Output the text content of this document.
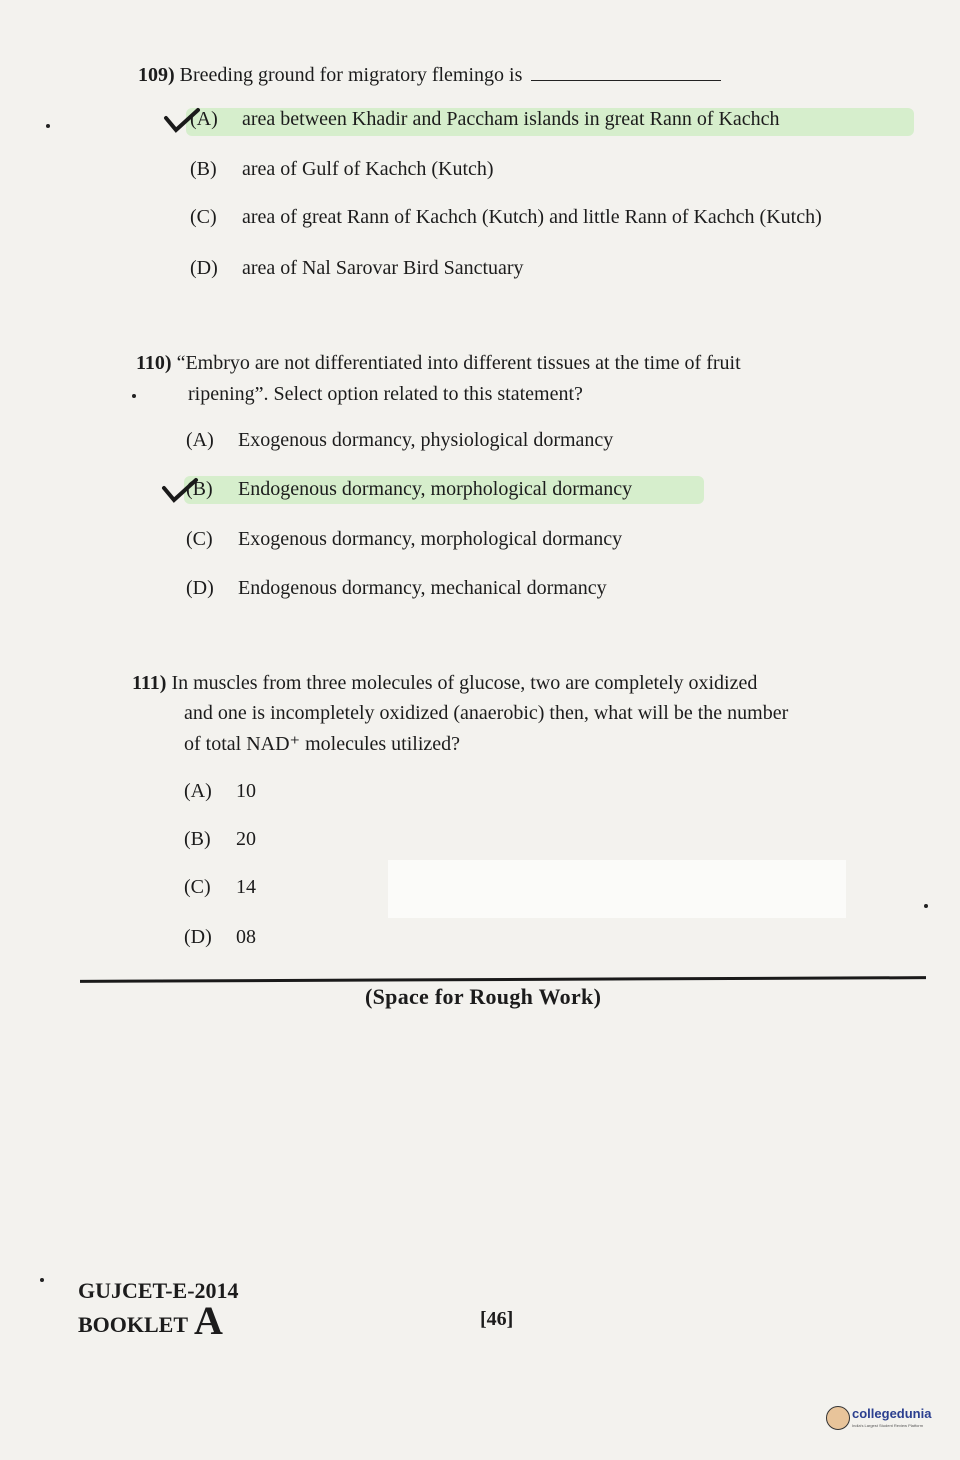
109) Breeding ground for migratory flemingo is
(A) area between Khadir and Paccham islands in great Rann of Kachch
(B) area of Gulf of Kachch (Kutch)
(C) area of great Rann of Kachch (Kutch) and little Rann of Kachch (Kutch)
(D) area of Nal Sarovar Bird Sanctuary
110) “Embryo are not differentiated into different tissues at the time of fruit
ripening”. Select option related to this statement?
(A) Exogenous dormancy, physiological dormancy
(B) Endogenous dormancy, morphological dormancy
(C) Exogenous dormancy, morphological dormancy
(D) Endogenous dormancy, mechanical dormancy
111) In muscles from three molecules of glucose, two are completely oxidized
and one is incompletely oxidized (anaerobic) then, what will be the number
of total NAD⁺ molecules utilized?
(A) 10
(B) 20
(C) 14
(D) 08
(Space for Rough Work)
GUJCET-E-2014
BOOKLET A	[46]
collegedunia
India's Largest Student Review Platform
